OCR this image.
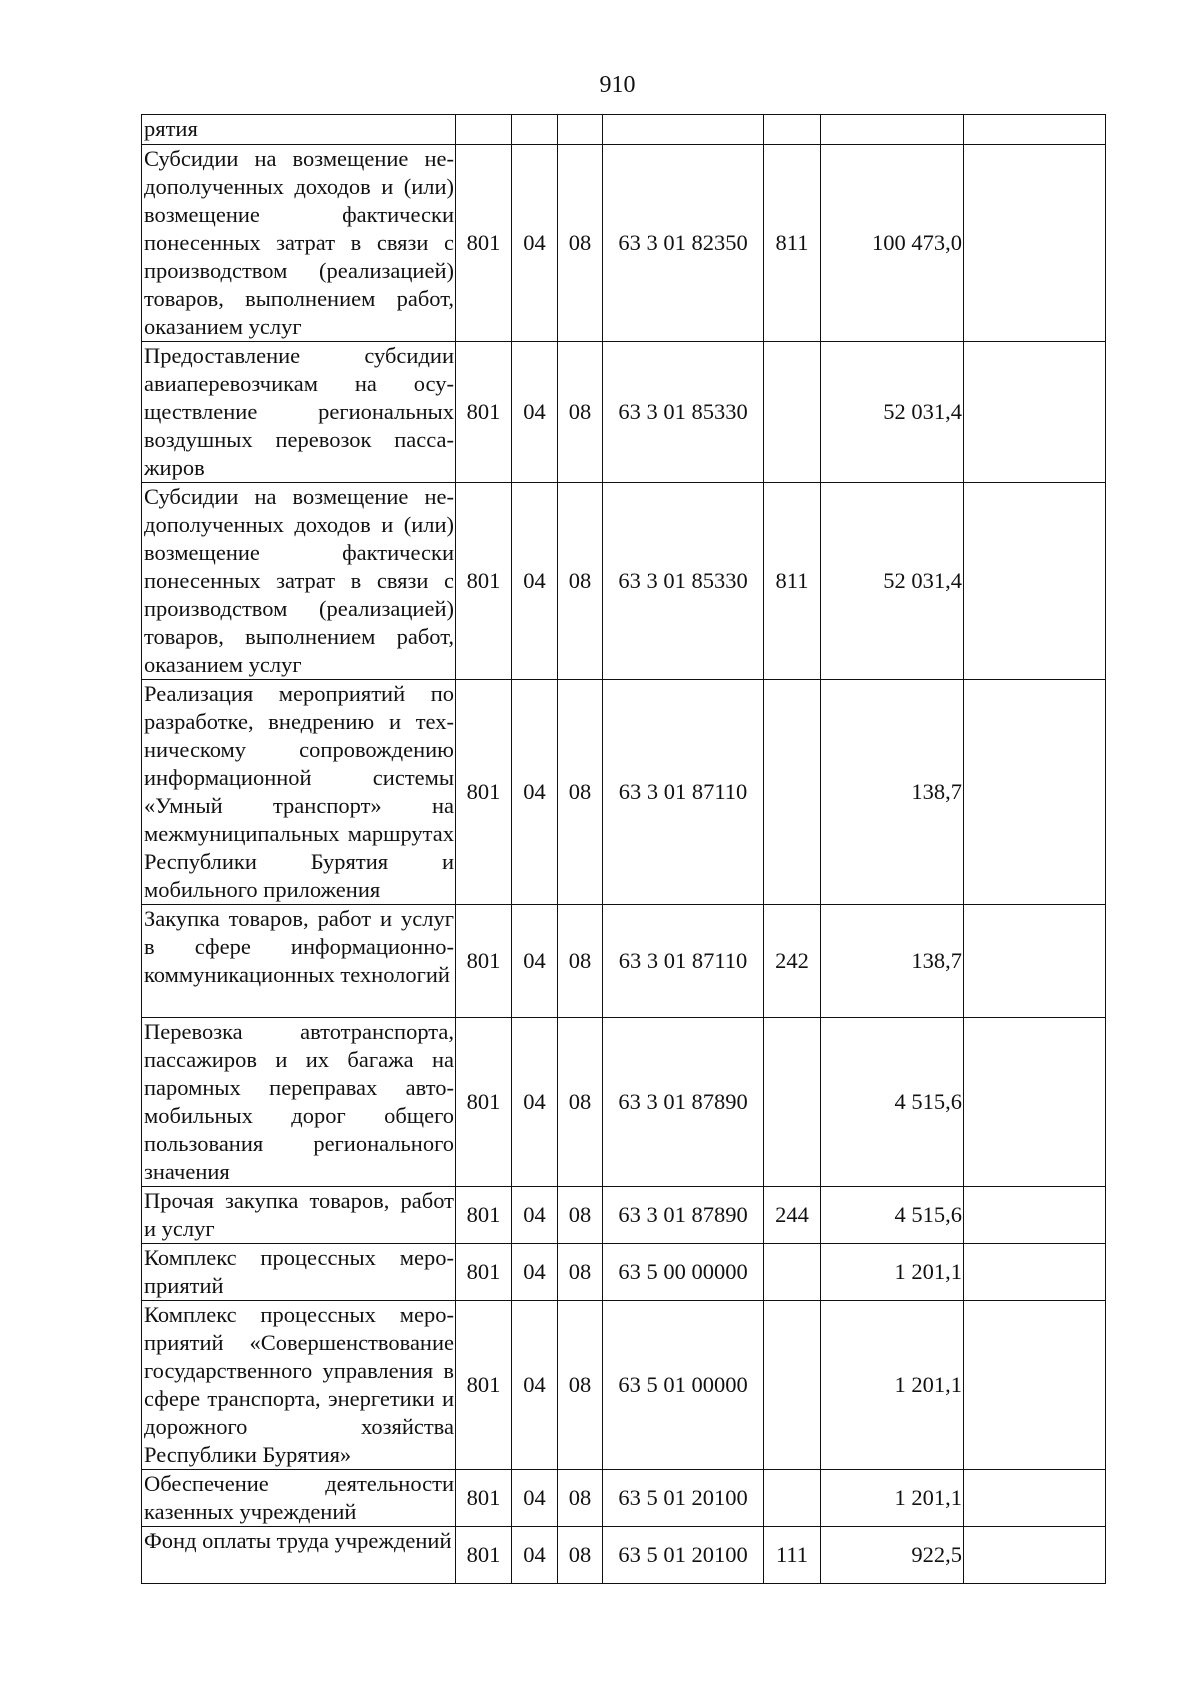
910
рятия							
Субсидии на возмещение недополученных доходов и (или) возмещение фактически понесенных затрат в связи с производством (реализацией) товаров, выполнением работ, оказанием услуг	801	04	08	63 3 01 82350	811	100 473,0	
Предоставление субсидии авиаперевозчикам на осуществление региональных воздушных перевозок пассажиров	801	04	08	63 3 01 85330		52 031,4	
Субсидии на возмещение недополученных доходов и (или) возмещение фактически понесенных затрат в связи с производством (реализацией) товаров, выполнением работ, оказанием услуг	801	04	08	63 3 01 85330	811	52 031,4	
Реализация мероприятий по разработке, внедрению и техническому сопровождению информационной системы «Умный транспорт» на межмуниципальных маршрутах Республики Бурятия и мобильного приложения	801	04	08	63 3 01 87110		138,7	
Закупка товаров, работ и услуг в сфере информационно-коммуникационных технологий	801	04	08	63 3 01 87110	242	138,7	
Перевозка автотранспорта, пассажиров и их багажа на паромных переправах автомобильных дорог общего пользования регионального значения	801	04	08	63 3 01 87890		4 515,6	
Прочая закупка товаров, работ и услуг	801	04	08	63 3 01 87890	244	4 515,6	
Комплекс процессных мероприятий	801	04	08	63 5 00 00000		1 201,1	
Комплекс процессных мероприятий «Совершенствование государственного управления в сфере транспорта, энергетики и дорожного хозяйства Республики Бурятия»	801	04	08	63 5 01 00000		1 201,1	
Обеспечение деятельности казенных учреждений	801	04	08	63 5 01 20100		1 201,1	
Фонд оплаты труда учреждений	801	04	08	63 5 01 20100	111	922,5	
